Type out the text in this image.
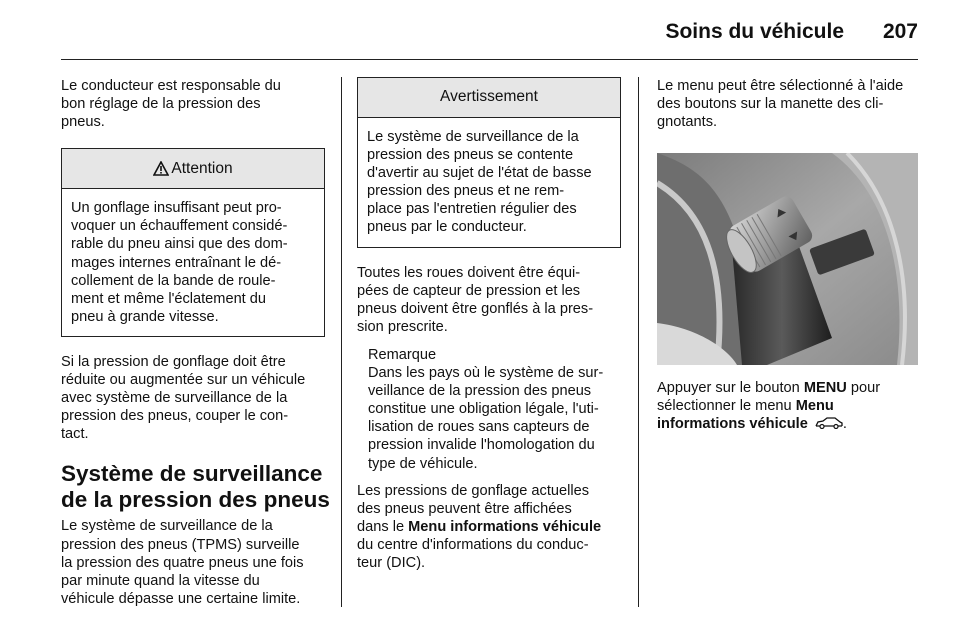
Soins du véhicule 207
Le conducteur est responsable du
bon réglage de la pression des
pneus.
Attention
Un gonflage insuffisant peut pro-
voquer un échauffement considé-
rable du pneu ainsi que des dom-
mages internes entraînant le dé-
collement de la bande de roule-
ment et même l'éclatement du
pneu à grande vitesse.
Si la pression de gonflage doit être
réduite ou augmentée sur un véhicule
avec système de surveillance de la
pression des pneus, couper le con-
tact.
Système de surveillance
de la pression des pneus
Le système de surveillance de la
pression des pneus (TPMS) surveille
la pression des quatre pneus une fois
par minute quand la vitesse du
véhicule dépasse une certaine limite.
Avertissement
Le système de surveillance de la
pression des pneus se contente
d'avertir au sujet de l'état de basse
pression des pneus et ne rem-
place pas l'entretien régulier des
pneus par le conducteur.
Toutes les roues doivent être équi-
pées de capteur de pression et les
pneus doivent être gonflés à la pres-
sion prescrite.
Remarque
Dans les pays où le système de sur-
veillance de la pression des pneus
constitue une obligation légale, l'uti-
lisation de roues sans capteurs de
pression invalide l'homologation du
type de véhicule.
Les pressions de gonflage actuelles
des pneus peuvent être affichées
dans le Menu informations véhicule
du centre d'informations du conduc-
teur (DIC).
Le menu peut être sélectionné à l'aide
des boutons sur la manette des cli-
gnotants.
Appuyer sur le bouton MENU pour
sélectionner le menu Menu
informations véhicule .
